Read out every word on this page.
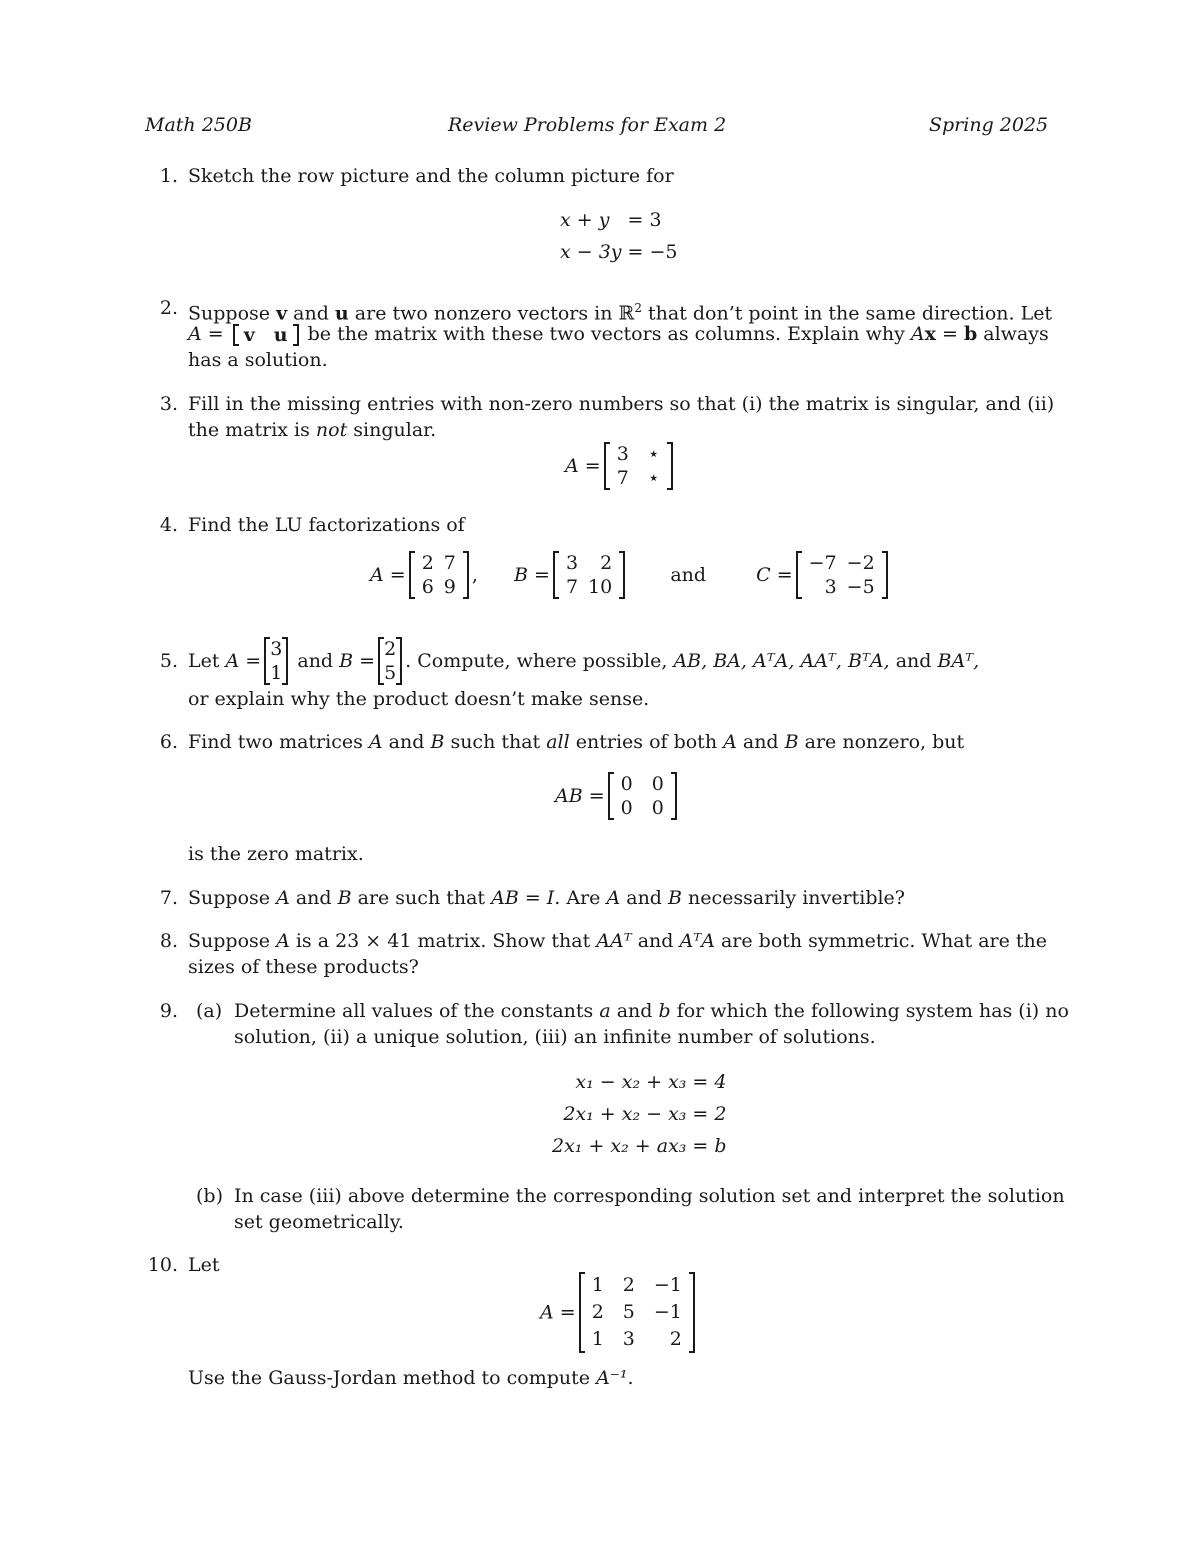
Math 250B	Review Problems for Exam 2	Spring 2025
1. Sketch the row picture and the column picture for
x + y	= 3
x − 3y	= −5
2. Suppose v and u are two nonzero vectors in ℝ$^2$ that don’t point in the same direction. Let
A = v	u be the matrix with these two vectors as columns. Explain why Ax = b always
has a solution.
3. Fill in the missing entries with non-zero numbers so that (i) the matrix is singular, and (ii)
the matrix is not singular.
A =
3	⋆
7	⋆
4. Find the LU factorizations of
A =
2	7
6	9
, B =
3	2
7	10
and	C =
−7	−2
3	−5
5. Let A =
3
1
and B =
2
5
. Compute, where possible, AB, BA, AᵀA, AAᵀ, BᵀA, and BAᵀ,
or explain why the product doesn’t make sense.
6. Find two matrices A and B such that all entries of both A and B are nonzero, but
AB =
0	0
0	0
is the zero matrix.
7. Suppose A and B are such that AB = I. Are A and B necessarily invertible?
8. Suppose A is a 23 × 41 matrix. Show that AAᵀ and AᵀA are both symmetric. What are the
sizes of these products?
9. (a) Determine all values of the constants a and b for which the following system has (i) no
solution, (ii) a unique solution, (iii) an infinite number of solutions.
x₁ − x₂ + x₃	= 4
2x₁ + x₂ − x₃	= 2
2x₁ + x₂ + ax₃	= b
(b) In case (iii) above determine the corresponding solution set and interpret the solution
set geometrically.
10. Let
A =
1	2	−1
2	5	−1
1	3	2
Use the Gauss-Jordan method to compute A⁻¹.
